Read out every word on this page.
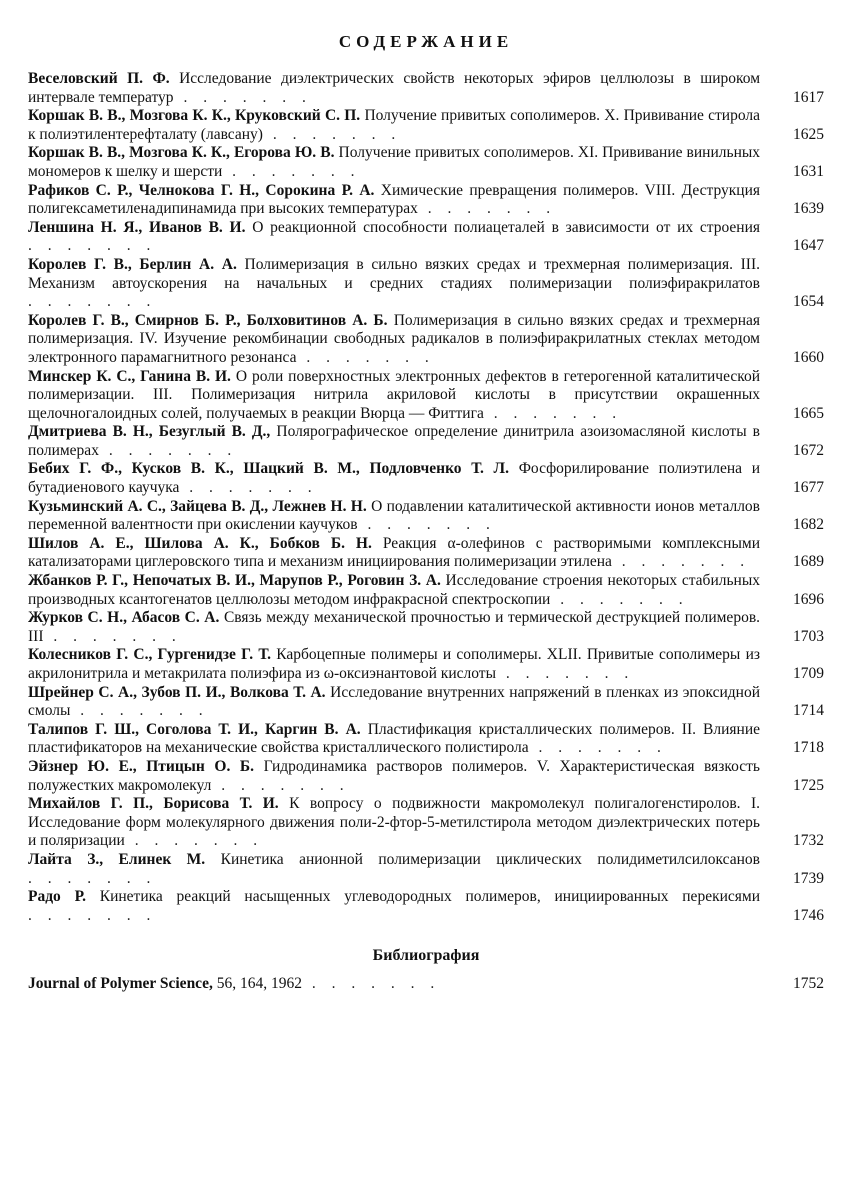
СОДЕРЖАНИЕ
Веселовский П. Ф. Исследование диэлектрических свойств некоторых эфиров целлюлозы в широком интервале температур . . . . . . .	1617
Коршак В. В., Мозгова К. К., Круковский С. П. Получение привитых сополимеров. X. Прививание стирола к полиэтилентерефталату (лавсану) . . . . . . .	1625
Коршак В. В., Мозгова К. К., Егорова Ю. В. Получение привитых сополимеров. XI. Прививание винильных мономеров к шелку и шерсти . . . . . . .	1631
Рафиков С. Р., Челнокова Г. Н., Сорокина Р. А. Химические превращения полимеров. VIII. Деструкция полигексаметиленадипинамида при высоких температурах . . . . . . .	1639
Леншина Н. Я., Иванов В. И. О реакционной способности полиацеталей в зависимости от их строения . . . . . . .	1647
Королев Г. В., Берлин А. А. Полимеризация в сильно вязких средах и трехмерная полимеризация. III. Механизм автоускорения на начальных и средних стадиях полимеризации полиэфиракрилатов . . . . . . .	1654
Королев Г. В., Смирнов Б. Р., Болховитинов А. Б. Полимеризация в сильно вязких средах и трехмерная полимеризация. IV. Изучение рекомбинации свободных радикалов в полиэфиракрилатных стеклах методом электронного парамагнитного резонанса . . . . . . .	1660
Минскер К. С., Ганина В. И. О роли поверхностных электронных дефектов в гетерогенной каталитической полимеризации. III. Полимеризация нитрила акриловой кислоты в присутствии окрашенных щелочногалоидных солей, получаемых в реакции Вюрца — Фиттига . . . . . . .	1665
Дмитриева В. Н., Безуглый В. Д., Полярографическое определение динитрила азоизомасляной кислоты в полимерах . . . . . . .	1672
Бебих Г. Ф., Кусков В. К., Шацкий В. М., Подловченко Т. Л. Фосфорилирование полиэтилена и бутадиенового каучука . . . . . . .	1677
Кузьминский А. С., Зайцева В. Д., Лежнев Н. Н. О подавлении каталитической активности ионов металлов переменной валентности при окислении каучуков . . . . . . .	1682
Шилов А. Е., Шилова А. К., Бобков Б. Н. Реакция α-олефинов с растворимыми комплексными катализаторами циглеровского типа и механизм инициирования полимеризации этилена . . . . . . .	1689
Жбанков Р. Г., Непочатых В. И., Марупов Р., Роговин З. А. Исследование строения некоторых стабильных производных ксантогенатов целлюлозы методом инфракрасной спектроскопии . . . . . . .	1696
Журков С. Н., Абасов С. А. Связь между механической прочностью и термической деструкцией полимеров. III . . . . . . .	1703
Колесников Г. С., Гургенидзе Г. Т. Карбоцепные полимеры и сополимеры. XLII. Привитые сополимеры из акрилонитрила и метакрилата полиэфира из ω-оксиэнантовой кислоты . . . . . . .	1709
Шрейнер С. А., Зубов П. И., Волкова Т. А. Исследование внутренних напряжений в пленках из эпоксидной смолы . . . . . . .	1714
Талипов Г. Ш., Соголова Т. И., Каргин В. А. Пластификация кристаллических полимеров. II. Влияние пластификаторов на механические свойства кристаллического полистирола . . . . . . .	1718
Эйзнер Ю. Е., Птицын О. Б. Гидродинамика растворов полимеров. V. Характеристическая вязкость полужестких макромолекул . . . . . . .	1725
Михайлов Г. П., Борисова Т. И. К вопросу о подвижности макромолекул полигалогенстиролов. I. Исследование форм молекулярного движения поли-2-фтор-5-метилстирола методом диэлектрических потерь и поляризации . . . . . . .	1732
Лайта З., Елинек М. Кинетика анионной полимеризации циклических полидиметилсилоксанов . . . . . . .	1739
Радо Р. Кинетика реакций насыщенных углеводородных полимеров, инициированных перекисями . . . . . . .	1746
Библиография
Journal of Polymer Science, 56, 164, 1962 . . . . . . .	1752
